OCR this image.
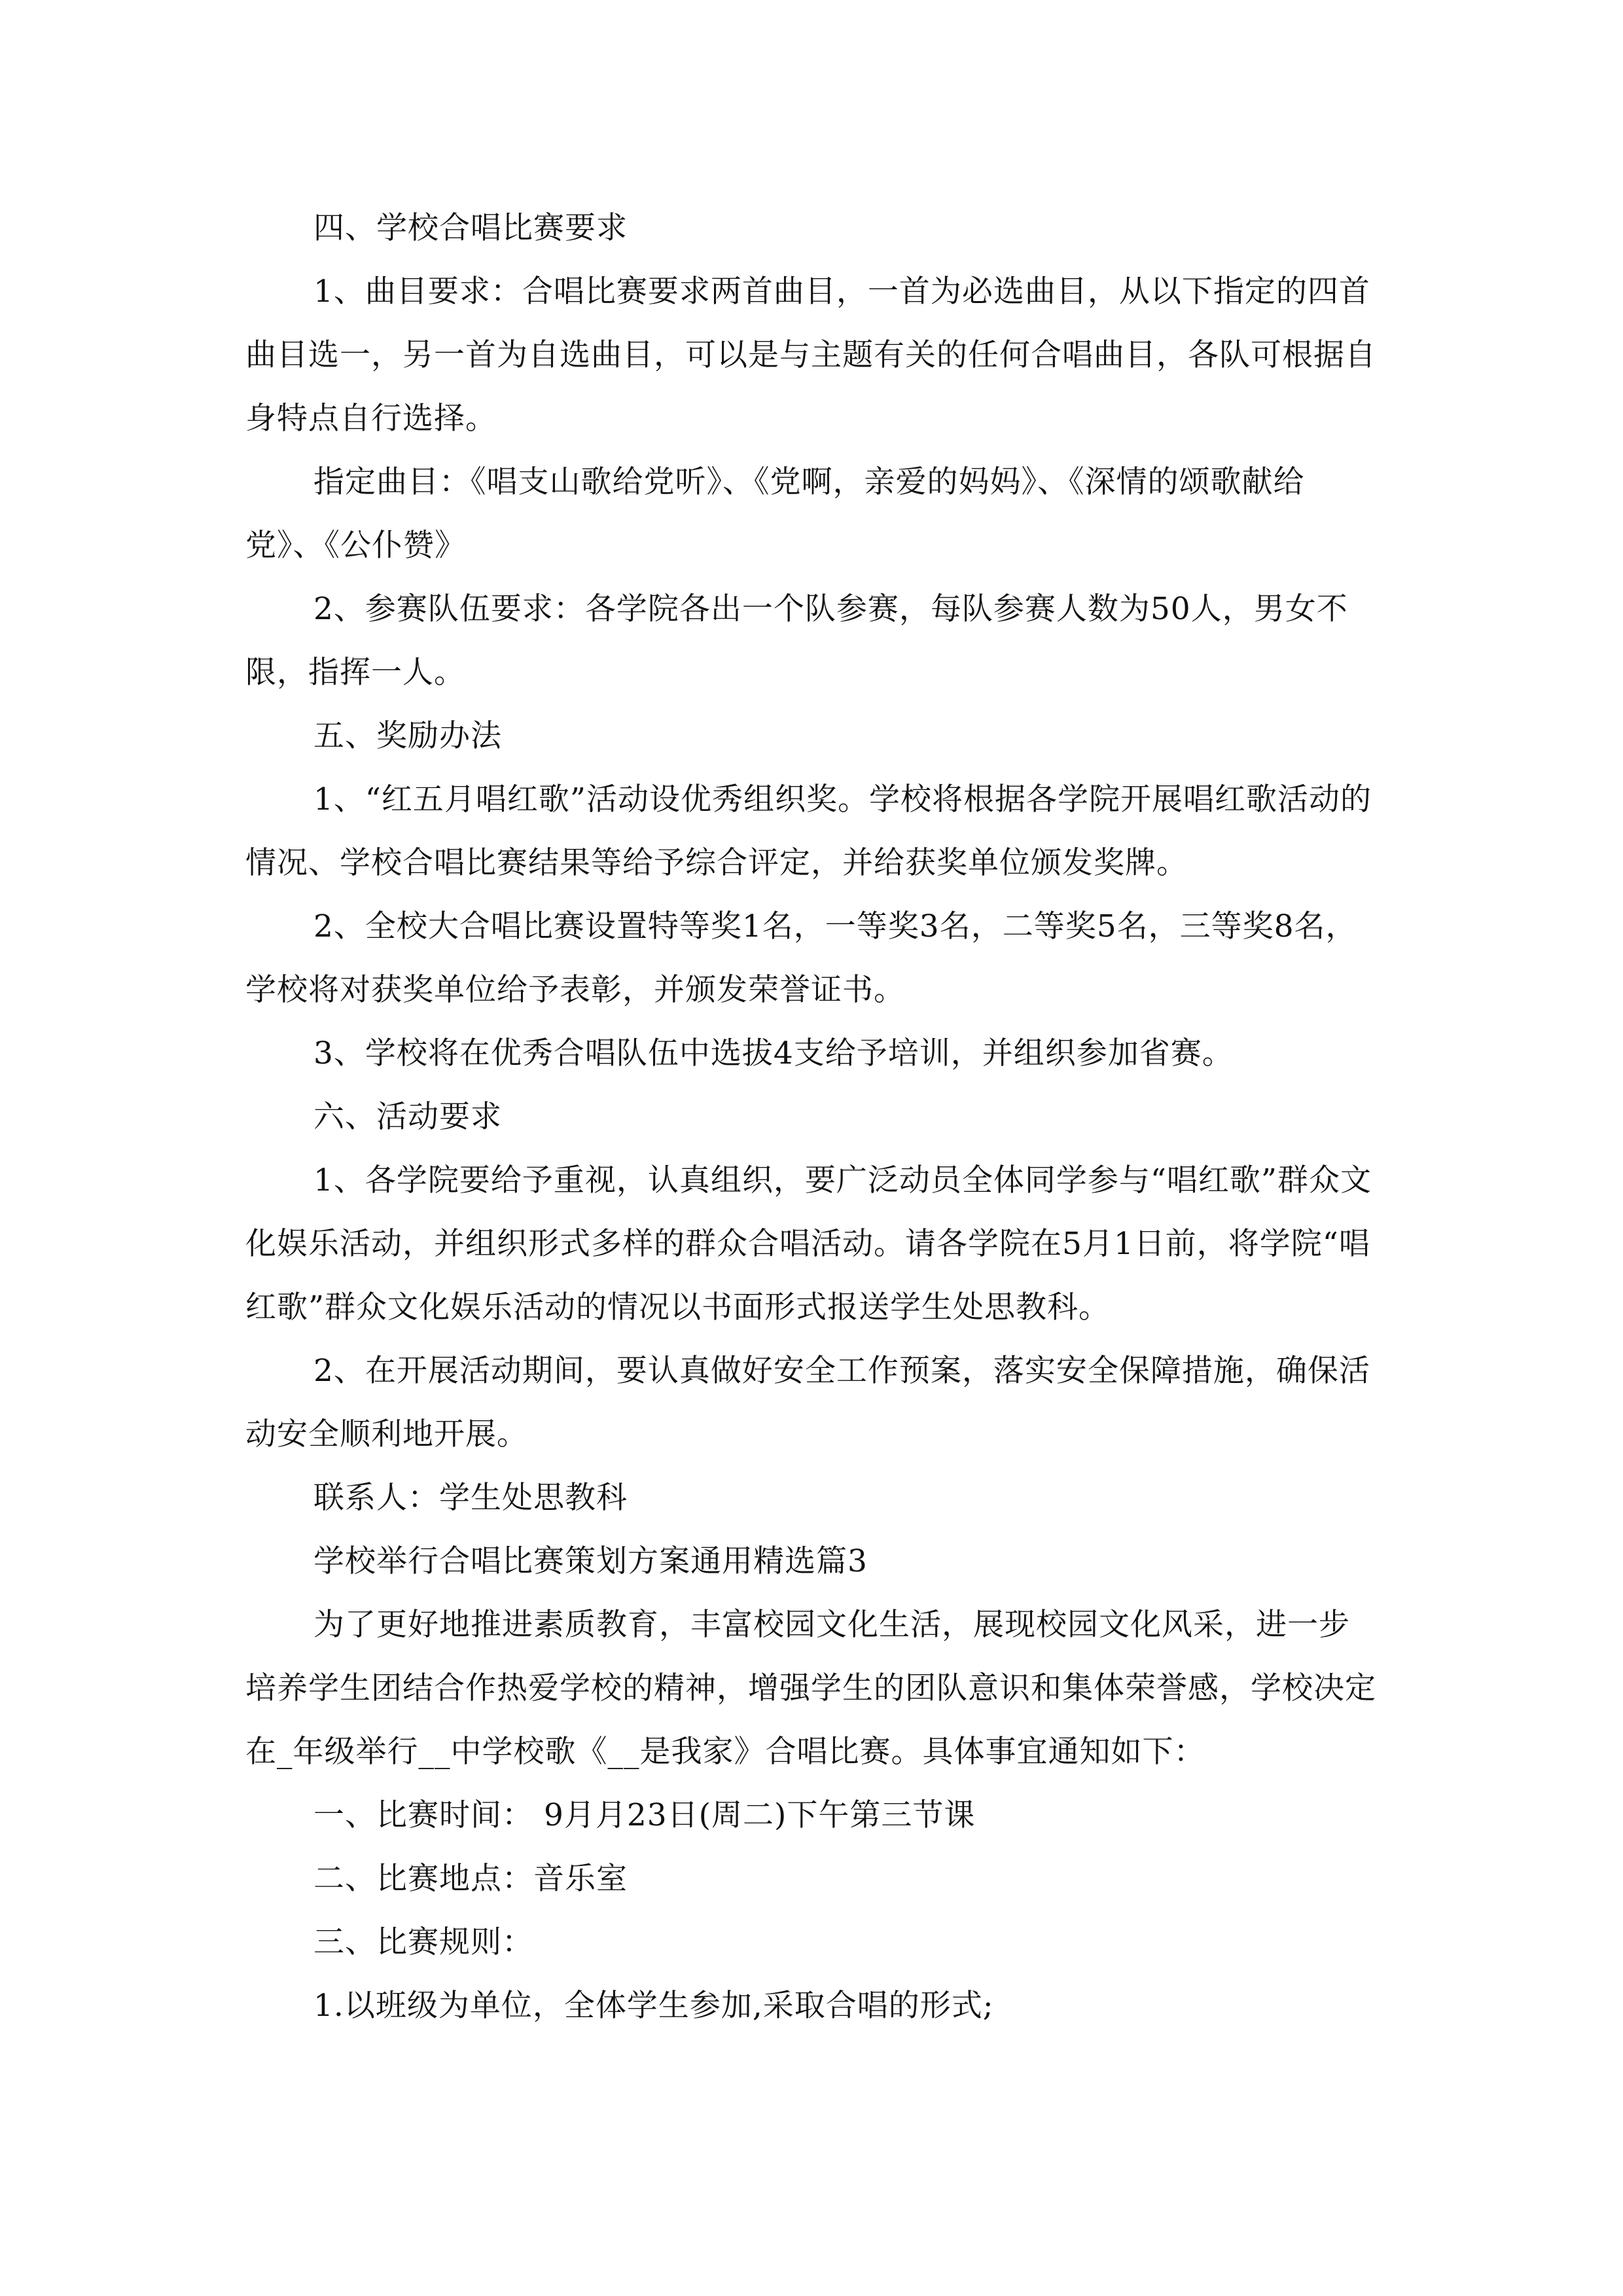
四、学校合唱比赛要求

1、曲目要求：合唱比赛要求两首曲目，一首为必选曲目，从以下指定的四首曲目选一，另一首为自选曲目，可以是与主题有关的任何合唱曲目，各队可根据自身特点自行选择。

指定曲目：《唱支山歌给党听》、《党啊，亲爱的妈妈》、《深情的颂歌献给党》、《公仆赞》

2、参赛队伍要求：各学院各出一个队参赛，每队参赛人数为50人，男女不限，指挥一人。

五、奖励办法

1、“红五月唱红歌”活动设优秀组织奖。学校将根据各学院开展唱红歌活动的情况、学校合唱比赛结果等给予综合评定，并给获奖单位颁发奖牌。

2、全校大合唱比赛设置特等奖1名，一等奖3名，二等奖5名，三等奖8名，学校将对获奖单位给予表彰，并颁发荣誉证书。

3、学校将在优秀合唱队伍中选拔4支给予培训，并组织参加省赛。

六、活动要求

1、各学院要给予重视，认真组织，要广泛动员全体同学参与“唱红歌”群众文化娱乐活动，并组织形式多样的群众合唱活动。请各学院在5月1日前，将学院“唱红歌”群众文化娱乐活动的情况以书面形式报送学生处思教科。

2、在开展活动期间，要认真做好安全工作预案，落实安全保障措施，确保活动安全顺利地开展。

联系人：学生处思教科

学校举行合唱比赛策划方案通用精选篇3

为了更好地推进素质教育，丰富校园文化生活，展现校园文化风采，进一步培养学生团结合作热爱学校的精神，增强学生的团队意识和集体荣誉感，学校决定在_年级举行__中学校歌《__是我家》合唱比赛。具体事宜通知如下：

一、比赛时间： 9月月23日(周二)下午第三节课

二、比赛地点：音乐室

三、比赛规则：

1.以班级为单位，全体学生参加,采取合唱的形式;
